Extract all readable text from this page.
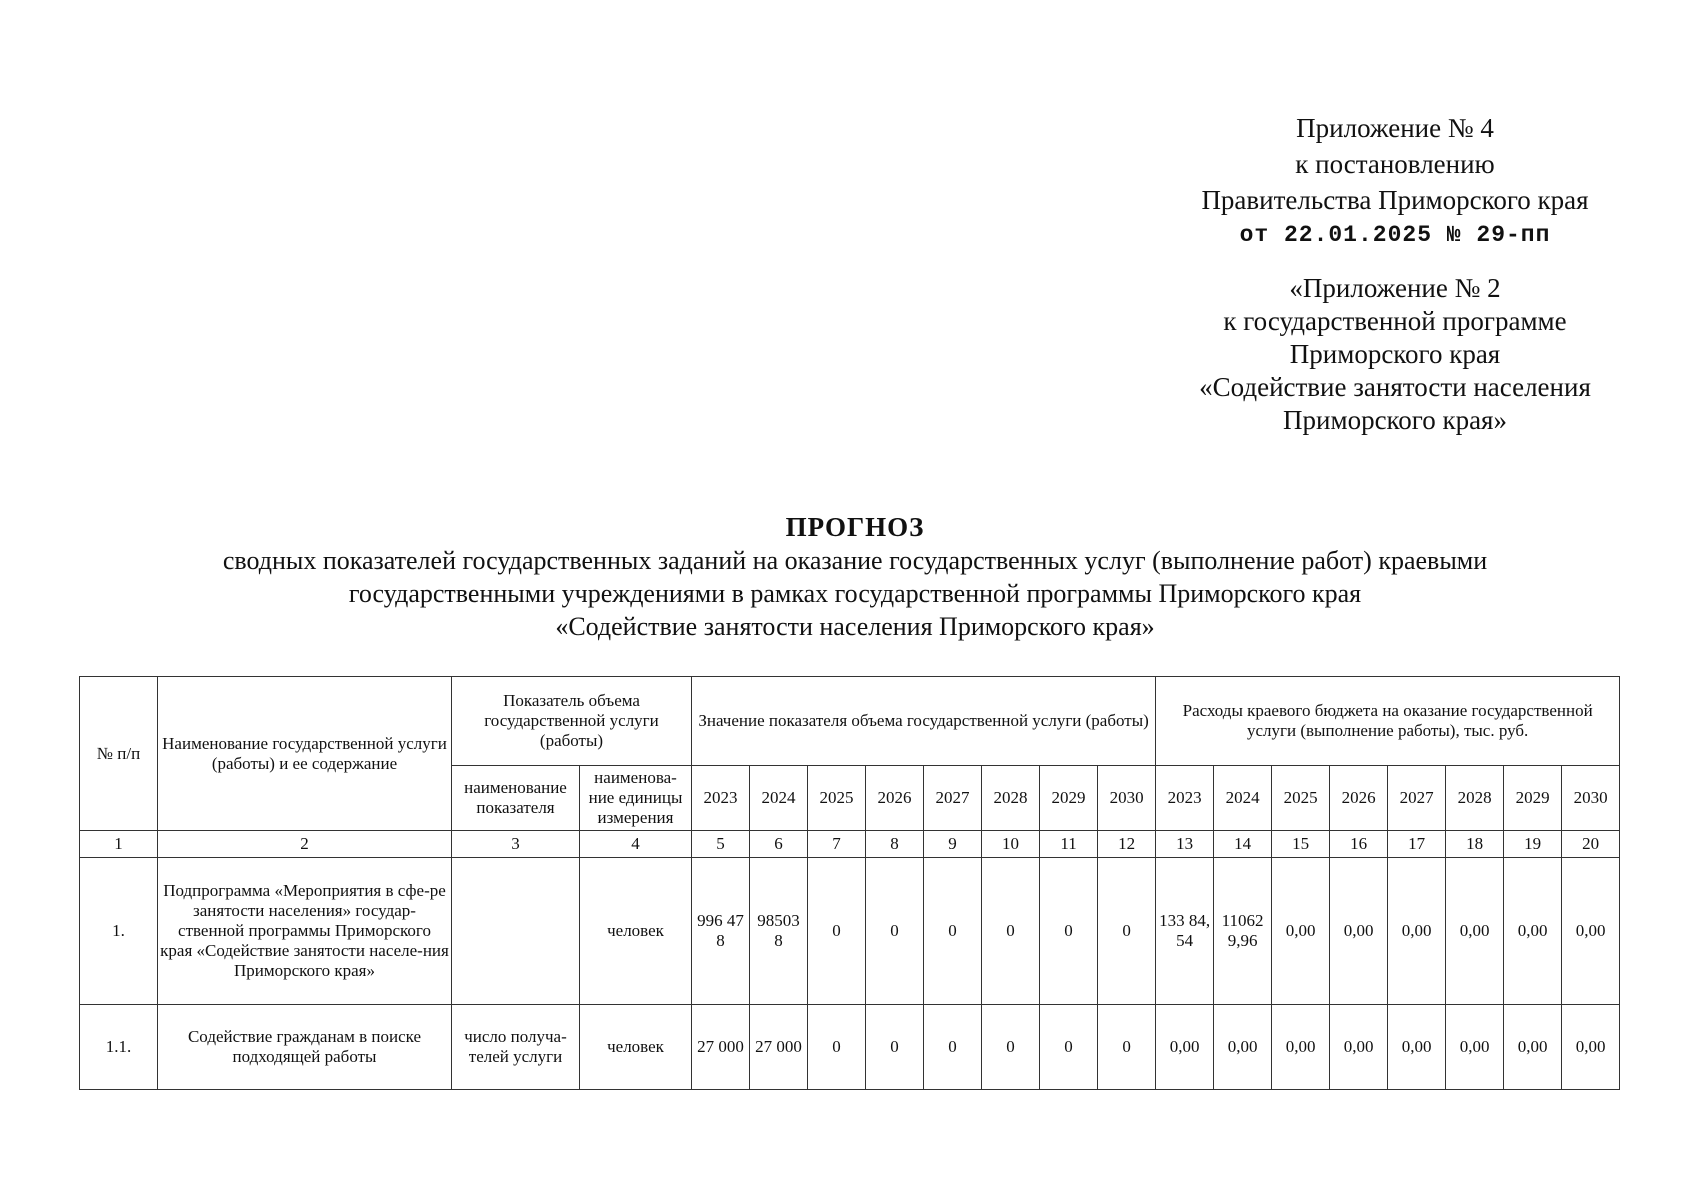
Приложение № 4
к постановлению
Правительства Приморского края
от 22.01.2025 № 29-пп
«Приложение № 2
к государственной программе
Приморского края
«Содействие занятости населения
Приморского края»
ПРОГНОЗ
сводных показателей государственных заданий на оказание государственных услуг (выполнение работ) краевыми
государственными учреждениями в рамках государственной программы Приморского края
«Содействие занятости населения Приморского края»
№ п/п	Наименование государственной услуги (работы) и ее содержание	Показатель объема государственной услуги (работы)		Значение показателя объема государственной услуги (работы)								Расходы краевого бюджета на оказание государственной услуги (выполнение работы), тыс. руб.							
		наименование показателя	наименова-ние единицы измерения	2023	2024	2025	2026	2027	2028	2029	2030	2023	2024	2025	2026	2027	2028	2029	2030
1	2	3	4	5	6	7	8	9	10	11	12	13	14	15	16	17	18	19	20
1.	Подпрограмма «Мероприятия в сфе-ре занятости населения» государ-ственной программы Приморского края «Содействие занятости населе-ния Приморского края»		человек	996 47 8	98503 8	0	0	0	0	0	0	133 84, 54	11062 9,96	0,00	0,00	0,00	0,00	0,00	0,00
1.1.	Содействие гражданам в поиске подходящей работы	число получа-телей услуги	человек	27 000	27 000	0	0	0	0	0	0	0,00	0,00	0,00	0,00	0,00	0,00	0,00	0,00
